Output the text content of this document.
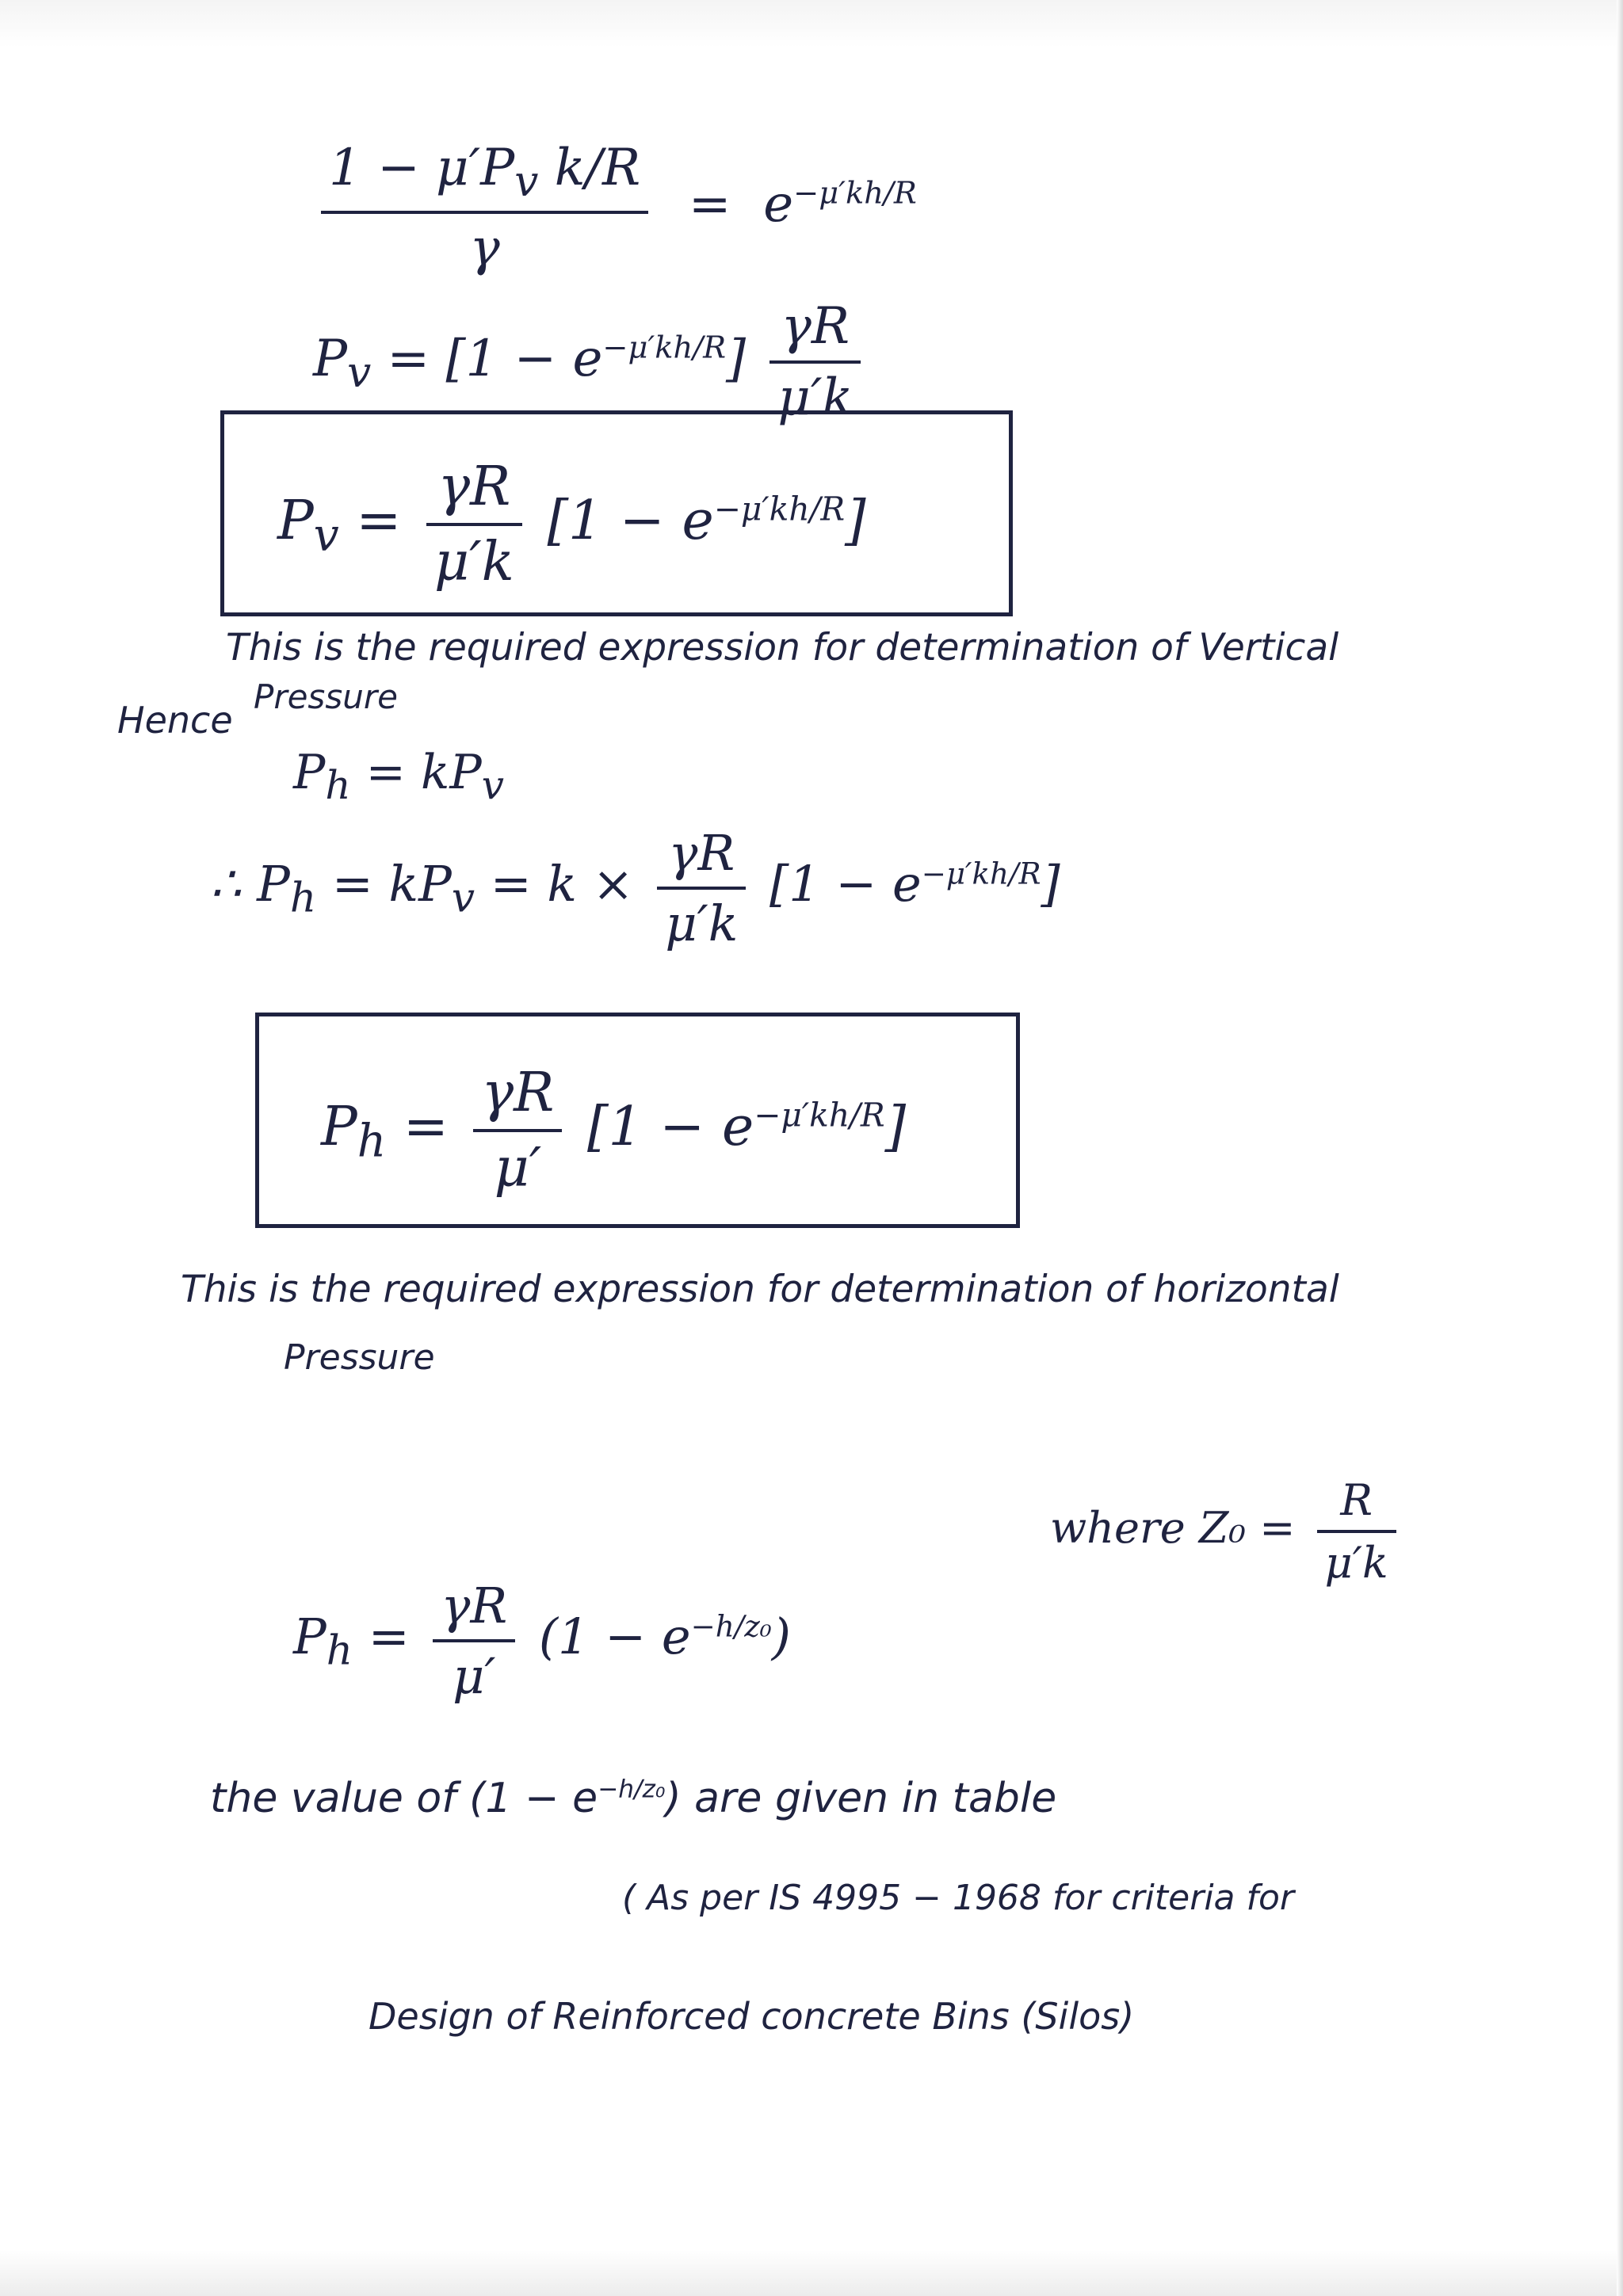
$\frac{1 - \mu'P_v k/R}{\gamma} = e^{-\mu'kh/R}$
$P_v = [1 - e^{-\mu'kh/R}] \frac{\gamma R}{\mu'k}$
$P_v = \frac{\gamma R}{\mu'k} [1 - e^{-\mu'kh/R}]$
This is the required expression for determination of Vertical
Pressure
Hence
$P_h = kP_v$
∴ $P_h = kP_v = k \times \frac{\gamma R}{\mu'k} [1 - e^{-\mu'kh/R}]$
$P_h = \frac{\gamma R}{\mu'} [1 - e^{-\mu'kh/R}]$
This is the required expression for determination of horizontal
Pressure
where $Z_0 = \frac{R}{\mu'k}$
$P_h = \frac{\gamma R}{\mu'} (1 - e^{-h/z_0})$
the value of $(1 - e^{-h/z_0})$ are given in table
( As per IS 4995 − 1968 for criteria for
Design of Reinforced concrete Bins (Silos)
